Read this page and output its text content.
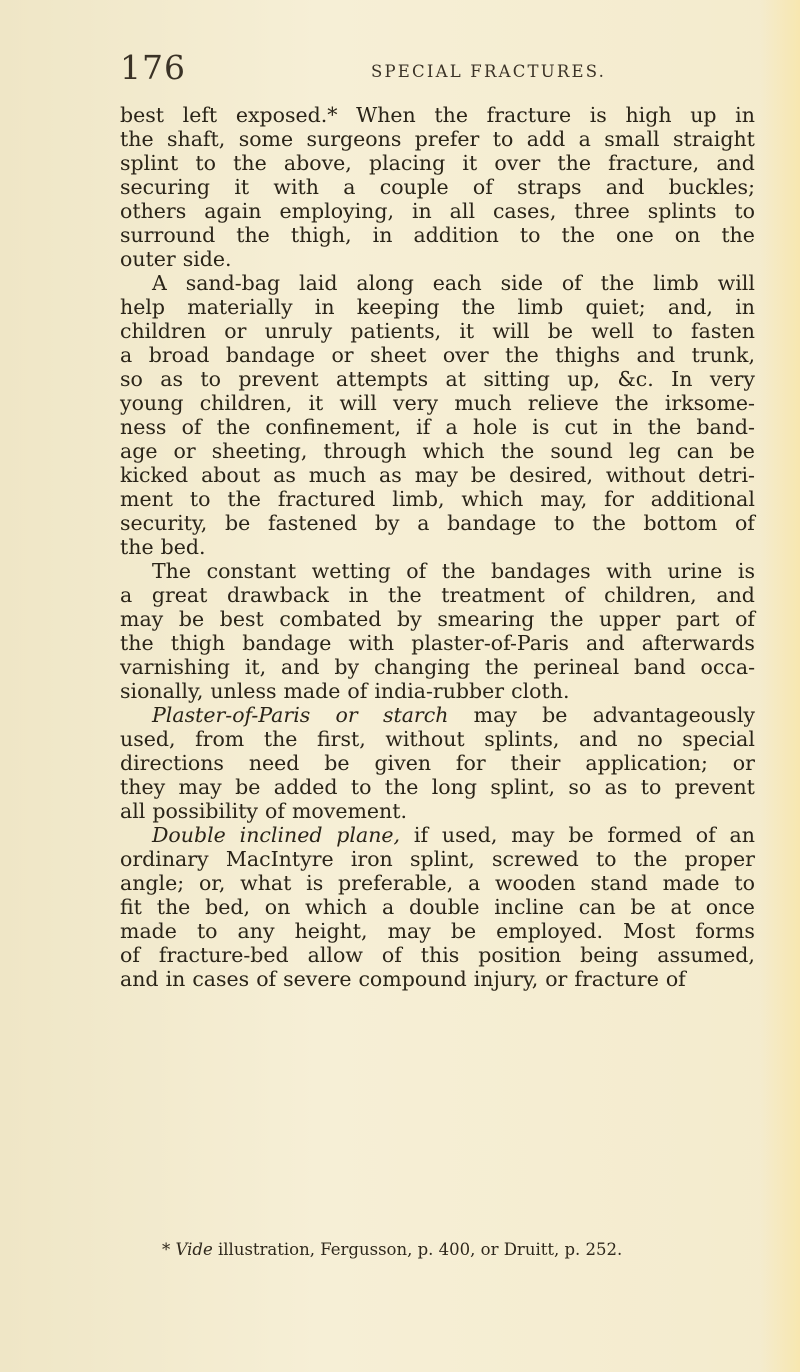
176	SPECIAL FRACTURES.
best left exposed.* When the fracture is high up in
the shaft, some surgeons prefer to add a small straight
splint to the above, placing it over the fracture, and
securing it with a couple of straps and buckles;
others again employing, in all cases, three splints to
surround the thigh, in addition to the one on the
outer side.
A sand-bag laid along each side of the limb will
help materially in keeping the limb quiet; and, in
children or unruly patients, it will be well to fasten
a broad bandage or sheet over the thighs and trunk,
so as to prevent attempts at sitting up, &c. In very
young children, it will very much relieve the irksome-
ness of the confinement, if a hole is cut in the band-
age or sheeting, through which the sound leg can be
kicked about as much as may be desired, without detri-
ment to the fractured limb, which may, for additional
security, be fastened by a bandage to the bottom of
the bed.
The constant wetting of the bandages with urine is
a great drawback in the treatment of children, and
may be best combated by smearing the upper part of
the thigh bandage with plaster-of-Paris and afterwards
varnishing it, and by changing the perineal band occa-
sionally, unless made of india-rubber cloth.
Plaster-of-Paris or starch may be advantageously
used, from the first, without splints, and no special
directions need be given for their application; or
they may be added to the long splint, so as to prevent
all possibility of movement.
Double inclined plane, if used, may be formed of an
ordinary MacIntyre iron splint, screwed to the proper
angle; or, what is preferable, a wooden stand made to
fit the bed, on which a double incline can be at once
made to any height, may be employed. Most forms
of fracture-bed allow of this position being assumed,
and in cases of severe compound injury, or fracture of
* Vide illustration, Fergusson, p. 400, or Druitt, p. 252.
